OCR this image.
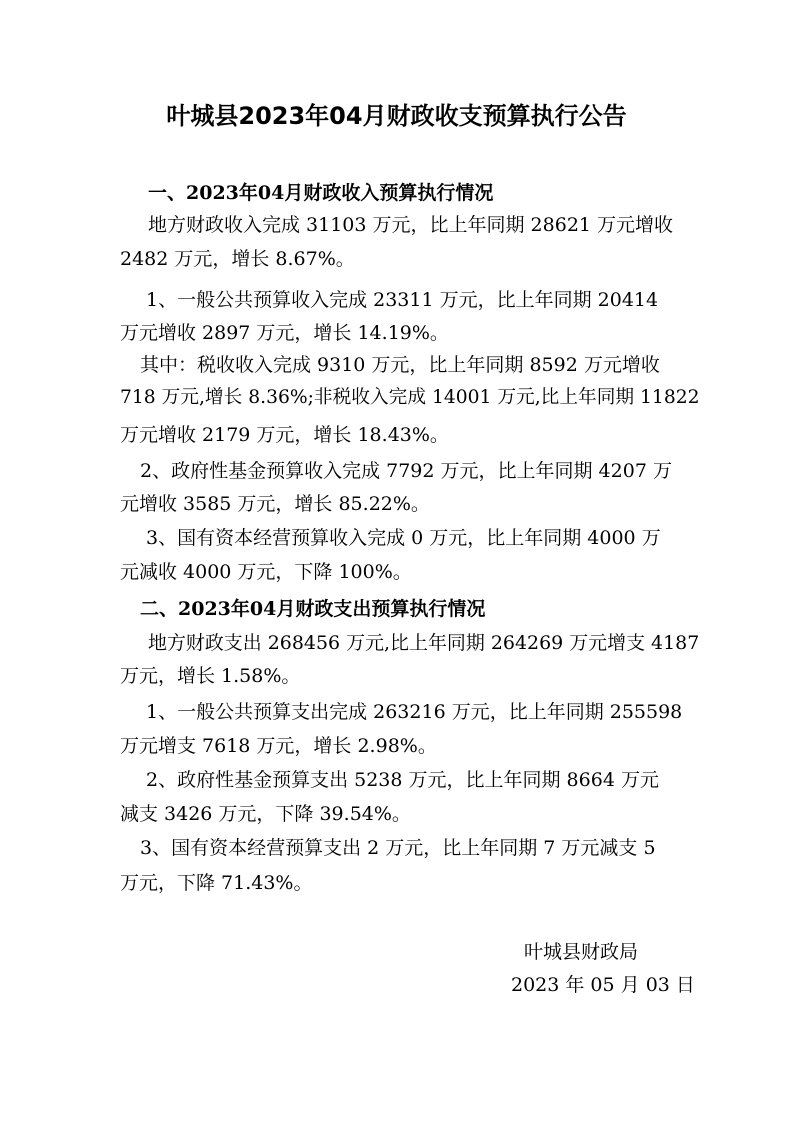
叶城县2023年04月财政收支预算执行公告
一、2023年04月财政收入预算执行情况
地方财政收入完成 31103 万元，比上年同期 28621 万元增收
2482 万元，增长 8.67%。
1、一般公共预算收入完成 23311 万元，比上年同期 20414
万元增收 2897 万元，增长 14.19%。
其中：税收收入完成 9310 万元，比上年同期 8592 万元增收
718 万元,增长 8.36%;非税收入完成 14001 万元,比上年同期 11822
万元增收 2179 万元，增长 18.43%。
2、政府性基金预算收入完成 7792 万元，比上年同期 4207 万
元增收 3585 万元，增长 85.22%。
3、国有资本经营预算收入完成 0 万元，比上年同期 4000 万
元减收 4000 万元，下降 100%。
二、2023年04月财政支出预算执行情况
地方财政支出 268456 万元,比上年同期 264269 万元增支 4187
万元，增长 1.58%。
1、一般公共预算支出完成 263216 万元，比上年同期 255598
万元增支 7618 万元，增长 2.98%。
2、政府性基金预算支出 5238 万元，比上年同期 8664 万元
减支 3426 万元，下降 39.54%。
3、国有资本经营预算支出 2 万元，比上年同期 7 万元减支 5
万元，下降 71.43%。
叶城县财政局
2023 年 05 月 03 日
